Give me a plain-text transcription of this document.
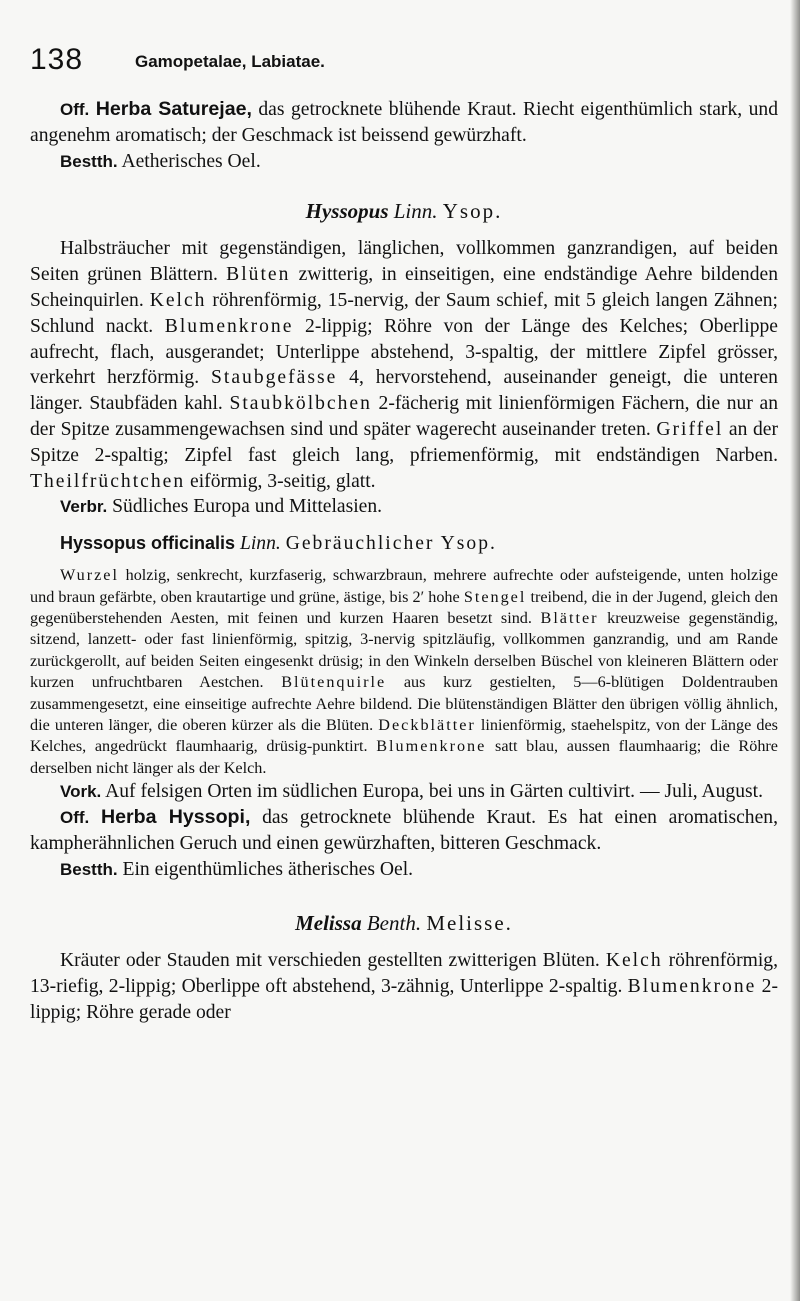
138	Gamopetalae, Labiatae.

Off. Herba Saturejae, das getrocknete blühende Kraut. Riecht eigenthümlich stark, und angenehm aromatisch; der Geschmack ist beissend gewürzhaft.

Bestth. Aetherisches Oel.

Hyssopus Linn. Ysop.

Halbsträucher mit gegenständigen, länglichen, vollkommen ganzrandigen, auf beiden Seiten grünen Blättern. Blüten zwitterig, in einseitigen, eine endständige Aehre bildenden Scheinquirlen. Kelch röhrenförmig, 15-nervig, der Saum schief, mit 5 gleich langen Zähnen; Schlund nackt. Blumenkrone 2-lippig; Röhre von der Länge des Kelches; Oberlippe aufrecht, flach, ausgerandet; Unterlippe abstehend, 3-spaltig, der mittlere Zipfel grösser, verkehrt herzförmig. Staubgefässe 4, hervorstehend, auseinander geneigt, die unteren länger. Staubfäden kahl. Staubkölbchen 2-fächerig mit linienförmigen Fächern, die nur an der Spitze zusammengewachsen sind und später wagerecht auseinander treten. Griffel an der Spitze 2-spaltig; Zipfel fast gleich lang, pfriemenförmig, mit endständigen Narben. Theilfrüchtchen eiförmig, 3-seitig, glatt.

Verbr. Südliches Europa und Mittelasien.

Hyssopus officinalis Linn. Gebräuchlicher Ysop.

Wurzel holzig, senkrecht, kurzfaserig, schwarzbraun, mehrere aufrechte oder aufsteigende, unten holzige und braun gefärbte, oben krautartige und grüne, ästige, bis 2′ hohe Stengel treibend, die in der Jugend, gleich den gegenüberstehenden Aesten, mit feinen und kurzen Haaren besetzt sind. Blätter kreuzweise gegenständig, sitzend, lanzett- oder fast linienförmig, spitzig, 3-nervig spitzläufig, vollkommen ganzrandig, und am Rande zurückgerollt, auf beiden Seiten eingesenkt drüsig; in den Winkeln derselben Büschel von kleineren Blättern oder kurzen unfruchtbaren Aestchen. Blütenquirle aus kurz gestielten, 5—6-blütigen Doldentrauben zusammengesetzt, eine einseitige aufrechte Aehre bildend. Die blütenständigen Blätter den übrigen völlig ähnlich, die unteren länger, die oberen kürzer als die Blüten. Deckblätter linienförmig, staehelspitz, von der Länge des Kelches, angedrückt flaumhaarig, drüsig-punktirt. Blumenkrone satt blau, aussen flaumhaarig; die Röhre derselben nicht länger als der Kelch.

Vork. Auf felsigen Orten im südlichen Europa, bei uns in Gärten cultivirt. — Juli, August.

Off. Herba Hyssopi, das getrocknete blühende Kraut. Es hat einen aromatischen, kampherähnlichen Geruch und einen gewürzhaften, bitteren Geschmack.

Bestth. Ein eigenthümliches ätherisches Oel.

Melissa Benth. Melisse.

Kräuter oder Stauden mit verschieden gestellten zwitterigen Blüten. Kelch röhrenförmig, 13-riefig, 2-lippig; Oberlippe oft abstehend, 3-zähnig, Unterlippe 2-spaltig. Blumenkrone 2-lippig; Röhre gerade oder
